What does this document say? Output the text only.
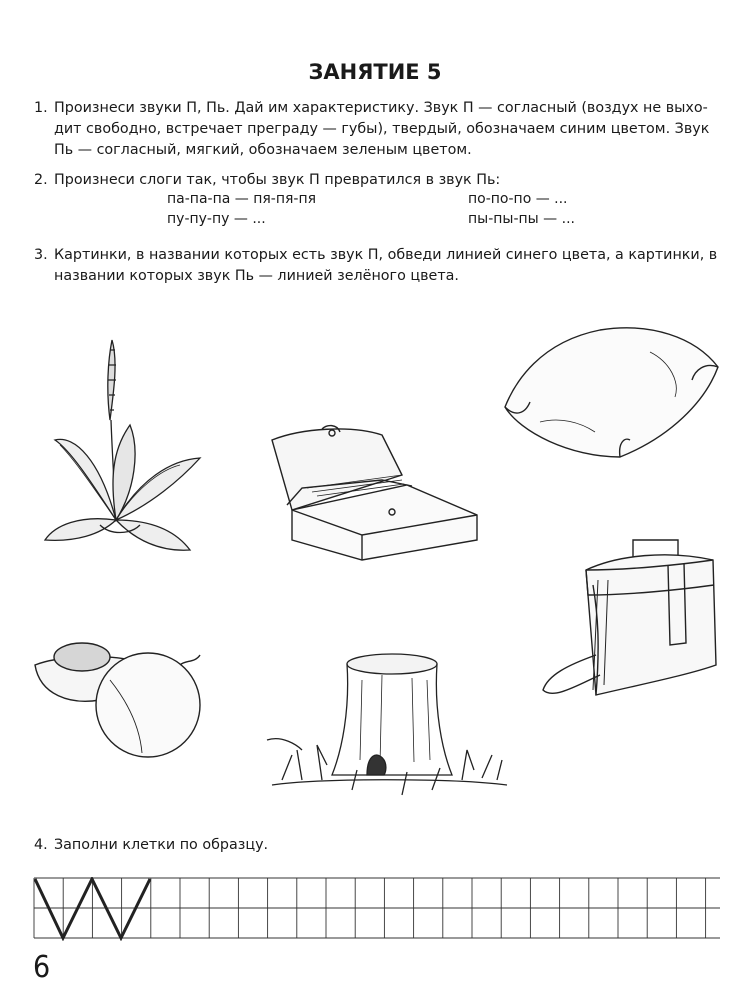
ЗАНЯТИЕ 5
1. Произнеси звуки П, Пь. Дай им характеристику. Звук П — согласный (воздух не выхо-
дит свободно, встречает преграду — губы), твердый, обозначаем синим цветом. Звук
Пь — согласный, мягкий, обозначаем зеленым цветом.
2. Произнеси слоги так, чтобы звук П превратился в звук Пь:
па-па-па — пя-пя-пя	по-по-по — ...
пу-пу-пу — ...	пы-пы-пы — ...
3. Картинки, в названии которых есть звук П, обведи линией синего цвета, а картинки, в
названии которых звук Пь — линией зелёного цвета.
4. Заполни клетки по образцу.
6
